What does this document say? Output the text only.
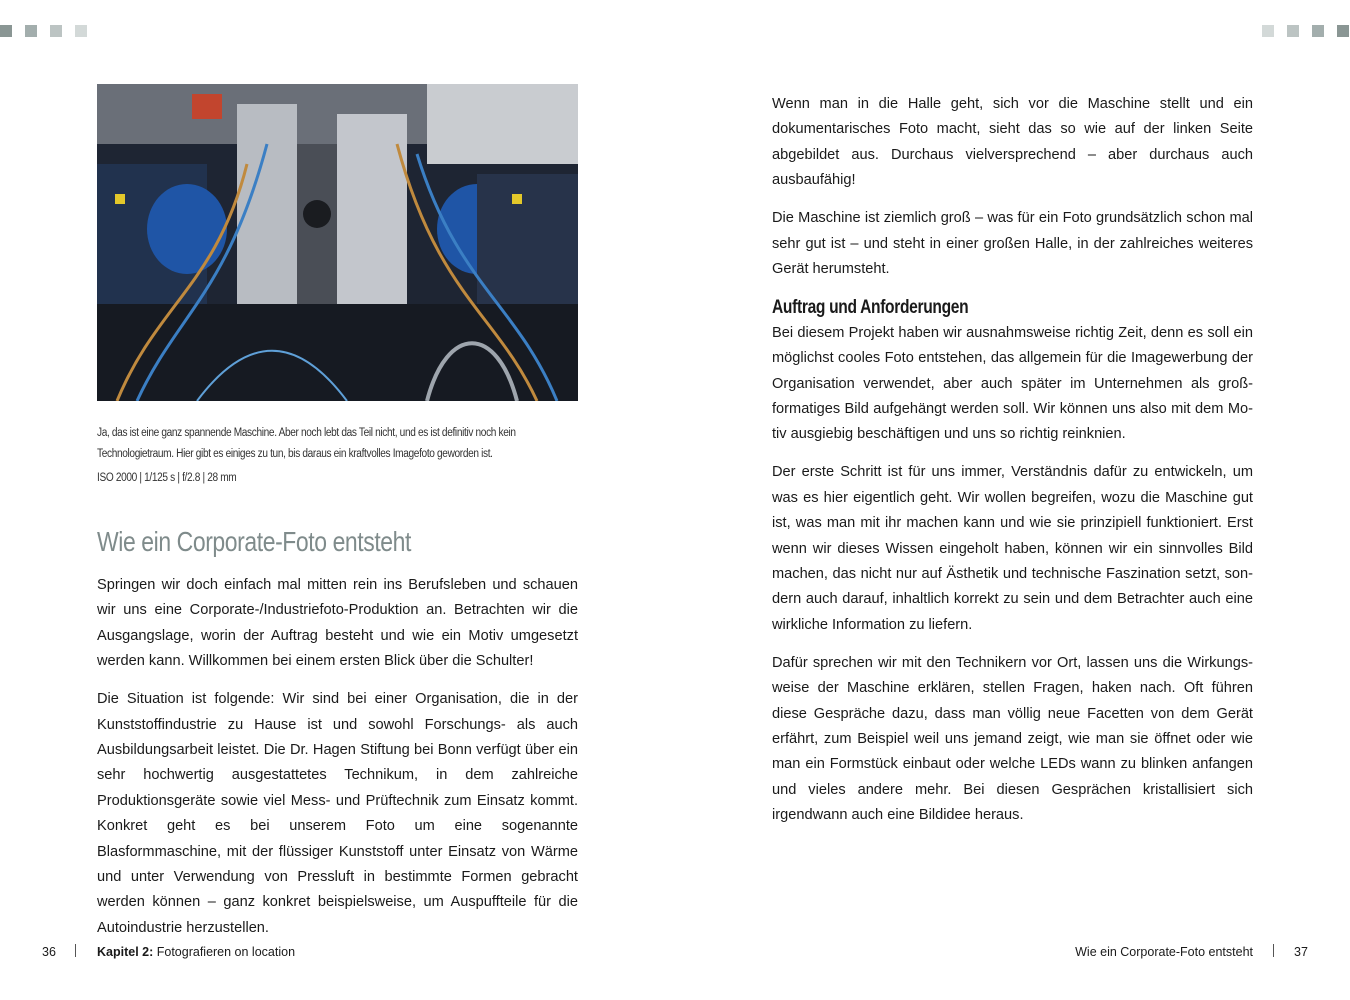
Ja, das ist eine ganz spannende Maschine. Aber noch lebt das Teil nicht, und es ist definitiv noch kein Technologietraum. Hier gibt es einiges zu tun, bis daraus ein kraftvolles Imagefoto geworden ist.
ISO 2000 | 1/125 s | f/2.8 | 28 mm
Wie ein Corporate-Foto entsteht

Springen wir doch einfach mal mitten rein ins Berufsleben und schauen wir uns eine Corporate-/Industriefoto-Produktion an. Betrachten wir die Ausgangslage, worin der Auftrag besteht und wie ein Motiv umgesetzt werden kann. Willkommen bei einem ersten Blick über die Schulter!

Die Situation ist folgende: Wir sind bei einer Organisation, die in der Kunststoffindustrie zu Hause ist und sowohl Forschungs- als auch Ausbildungsarbeit leistet. Die Dr. Hagen Stiftung bei Bonn verfügt über ein sehr hochwertig ausgestattetes Technikum, in dem zahlreiche Produktionsgeräte sowie viel Mess- und Prüftechnik zum Einsatz kommt. Konkret geht es bei unserem Foto um eine sogenannte Blasformmaschine, mit der flüssiger Kunststoff unter Einsatz von Wärme und unter Verwendung von Pressluft in bestimmte Formen gebracht werden können – ganz konkret beispielsweise, um Auspuffteile für die Autoindustrie herzustellen.

Wenn man in die Halle geht, sich vor die Maschine stellt und ein dokumentarisches Foto macht, sieht das so wie auf der linken Seite abgebildet aus. Durchaus vielversprechend – aber durchaus auch ausbaufähig!

Die Maschine ist ziemlich groß – was für ein Foto grundsätzlich schon mal sehr gut ist – und steht in einer großen Halle, in der zahlreiches weiteres Gerät herumsteht.

Auftrag und Anforderungen

Bei diesem Projekt haben wir ausnahmsweise richtig Zeit, denn es soll ein möglichst cooles Foto entstehen, das allgemein für die Imagewerbung der Organisation verwendet, aber auch später im Unternehmen als großformatiges Bild aufgehängt werden soll. Wir können uns also mit dem Motiv ausgiebig beschäftigen und uns so richtig reinknien.

Der erste Schritt ist für uns immer, Verständnis dafür zu entwickeln, um was es hier eigentlich geht. Wir wollen begreifen, wozu die Maschine gut ist, was man mit ihr machen kann und wie sie prinzipiell funktioniert. Erst wenn wir dieses Wissen eingeholt haben, können wir ein sinnvolles Bild machen, das nicht nur auf Ästhetik und technische Faszination setzt, sondern auch darauf, inhaltlich korrekt zu sein und dem Betrachter auch eine wirkliche Information zu liefern.

Dafür sprechen wir mit den Technikern vor Ort, lassen uns die Wirkungsweise der Maschine erklären, stellen Fragen, haken nach. Oft führen diese Gespräche dazu, dass man völlig neue Facetten von dem Gerät erfährt, zum Beispiel weil uns jemand zeigt, wie man sie öffnet oder wie man ein Formstück einbaut oder welche LEDs wann zu blinken anfangen und vieles andere mehr. Bei diesen Gesprächen kristallisiert sich irgendwann auch eine Bildidee heraus.

36	Kapitel 2: Fotografieren on location	Wie ein Corporate-Foto entsteht	37
